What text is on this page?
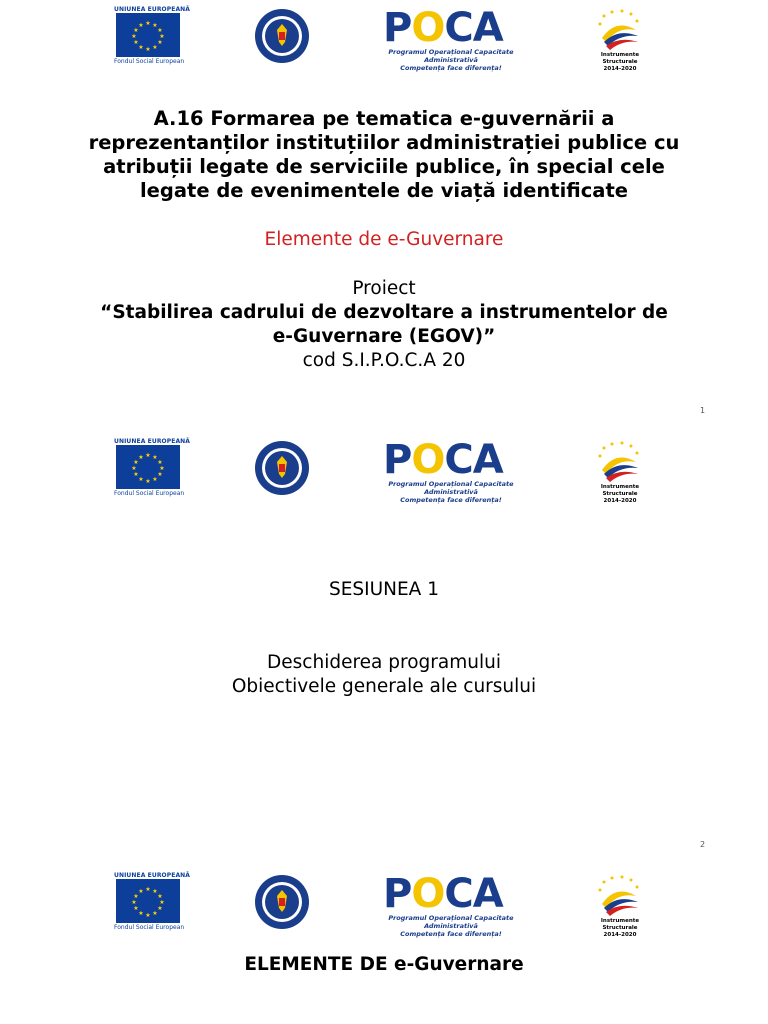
UNIUNEA EUROPEANĂ
★ ★
★
★
★
★
★
★
★
★
★
★
Fondul Social European
POCA
Programul Operațional Capacitate Administrativă
Competența face diferența!
Instrumente Structurale
2014-2020
A.16 Formarea pe tematica e-guvernării a
reprezentanților instituțiilor administrației publice cu
atribuții legate de serviciile publice, în special cele
legate de evenimentele de viață identificate
Elemente de e-Guvernare
Proiect
“Stabilirea cadrului de dezvoltare a instrumentelor de
e-Guvernare (EGOV)”
cod S.I.P.O.C.A 20
1
UNIUNEA EUROPEANĂ
★ ★
★
★
★
★
★
★
★
★
★
★
Fondul Social European
POCA
Programul Operațional Capacitate Administrativă
Competența face diferența!
Instrumente Structurale
2014-2020
SESIUNEA 1
Deschiderea programului
Obiectivele generale ale cursului
2
UNIUNEA EUROPEANĂ
★ ★
★
★
★
★
★
★
★
★
★
★
Fondul Social European
POCA
Programul Operațional Capacitate Administrativă
Competența face diferența!
Instrumente Structurale
2014-2020
ELEMENTE DE e-Guvernare
